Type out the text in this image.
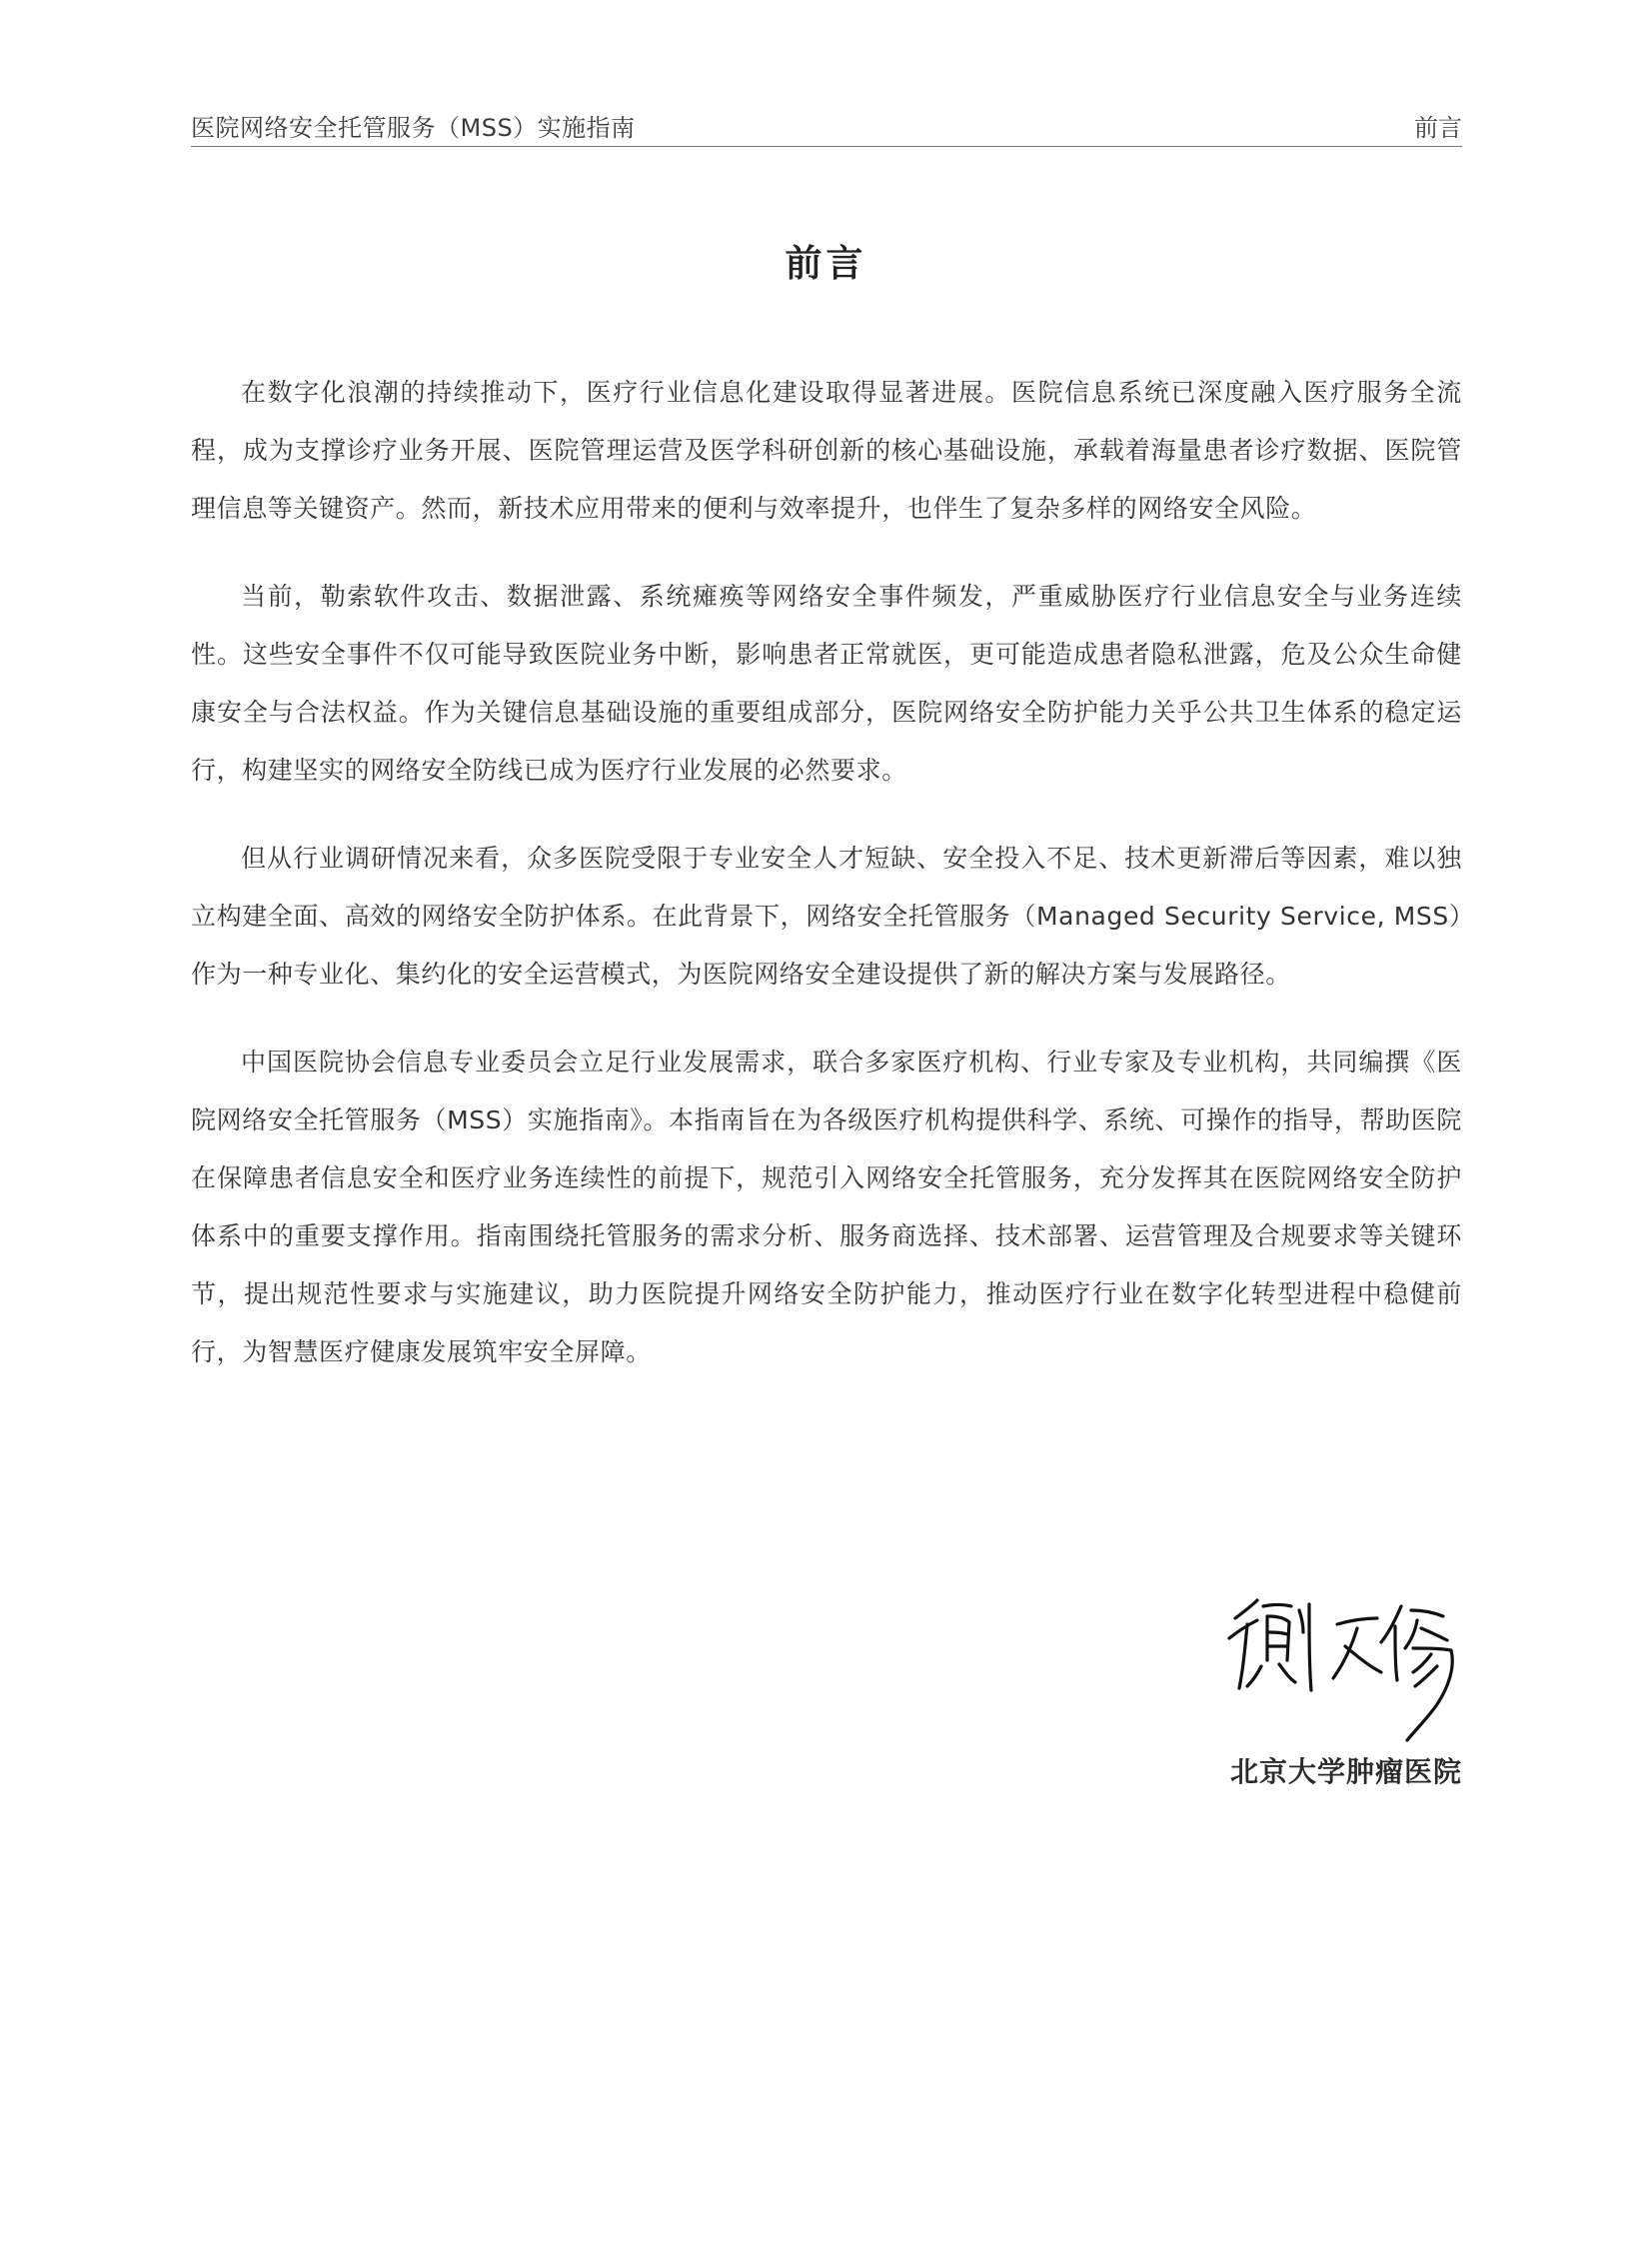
医院网络安全托管服务（MSS）实施指南	前言
前言

在数字化浪潮的持续推动下，医疗行业信息化建设取得显著进展。医院信息系统已深度融入医疗服务全流程，成为支撑诊疗业务开展、医院管理运营及医学科研创新的核心基础设施，承载着海量患者诊疗数据、医院管理信息等关键资产。然而，新技术应用带来的便利与效率提升，也伴生了复杂多样的网络安全风险。

当前，勒索软件攻击、数据泄露、系统瘫痪等网络安全事件频发，严重威胁医疗行业信息安全与业务连续性。这些安全事件不仅可能导致医院业务中断，影响患者正常就医，更可能造成患者隐私泄露，危及公众生命健康安全与合法权益。作为关键信息基础设施的重要组成部分，医院网络安全防护能力关乎公共卫生体系的稳定运行，构建坚实的网络安全防线已成为医疗行业发展的必然要求。

但从行业调研情况来看，众多医院受限于专业安全人才短缺、安全投入不足、技术更新滞后等因素，难以独立构建全面、高效的网络安全防护体系。在此背景下，网络安全托管服务（Managed Security Service, MSS）作为一种专业化、集约化的安全运营模式，为医院网络安全建设提供了新的解决方案与发展路径。

中国医院协会信息专业委员会立足行业发展需求，联合多家医疗机构、行业专家及专业机构，共同编撰《医院网络安全托管服务（MSS）实施指南》。本指南旨在为各级医疗机构提供科学、系统、可操作的指导，帮助医院在保障患者信息安全和医疗业务连续性的前提下，规范引入网络安全托管服务，充分发挥其在医院网络安全防护体系中的重要支撑作用。指南围绕托管服务的需求分析、服务商选择、技术部署、运营管理及合规要求等关键环节，提出规范性要求与实施建议，助力医院提升网络安全防护能力，推动医疗行业在数字化转型进程中稳健前行，为智慧医疗健康发展筑牢安全屏障。

北京大学肿瘤医院
